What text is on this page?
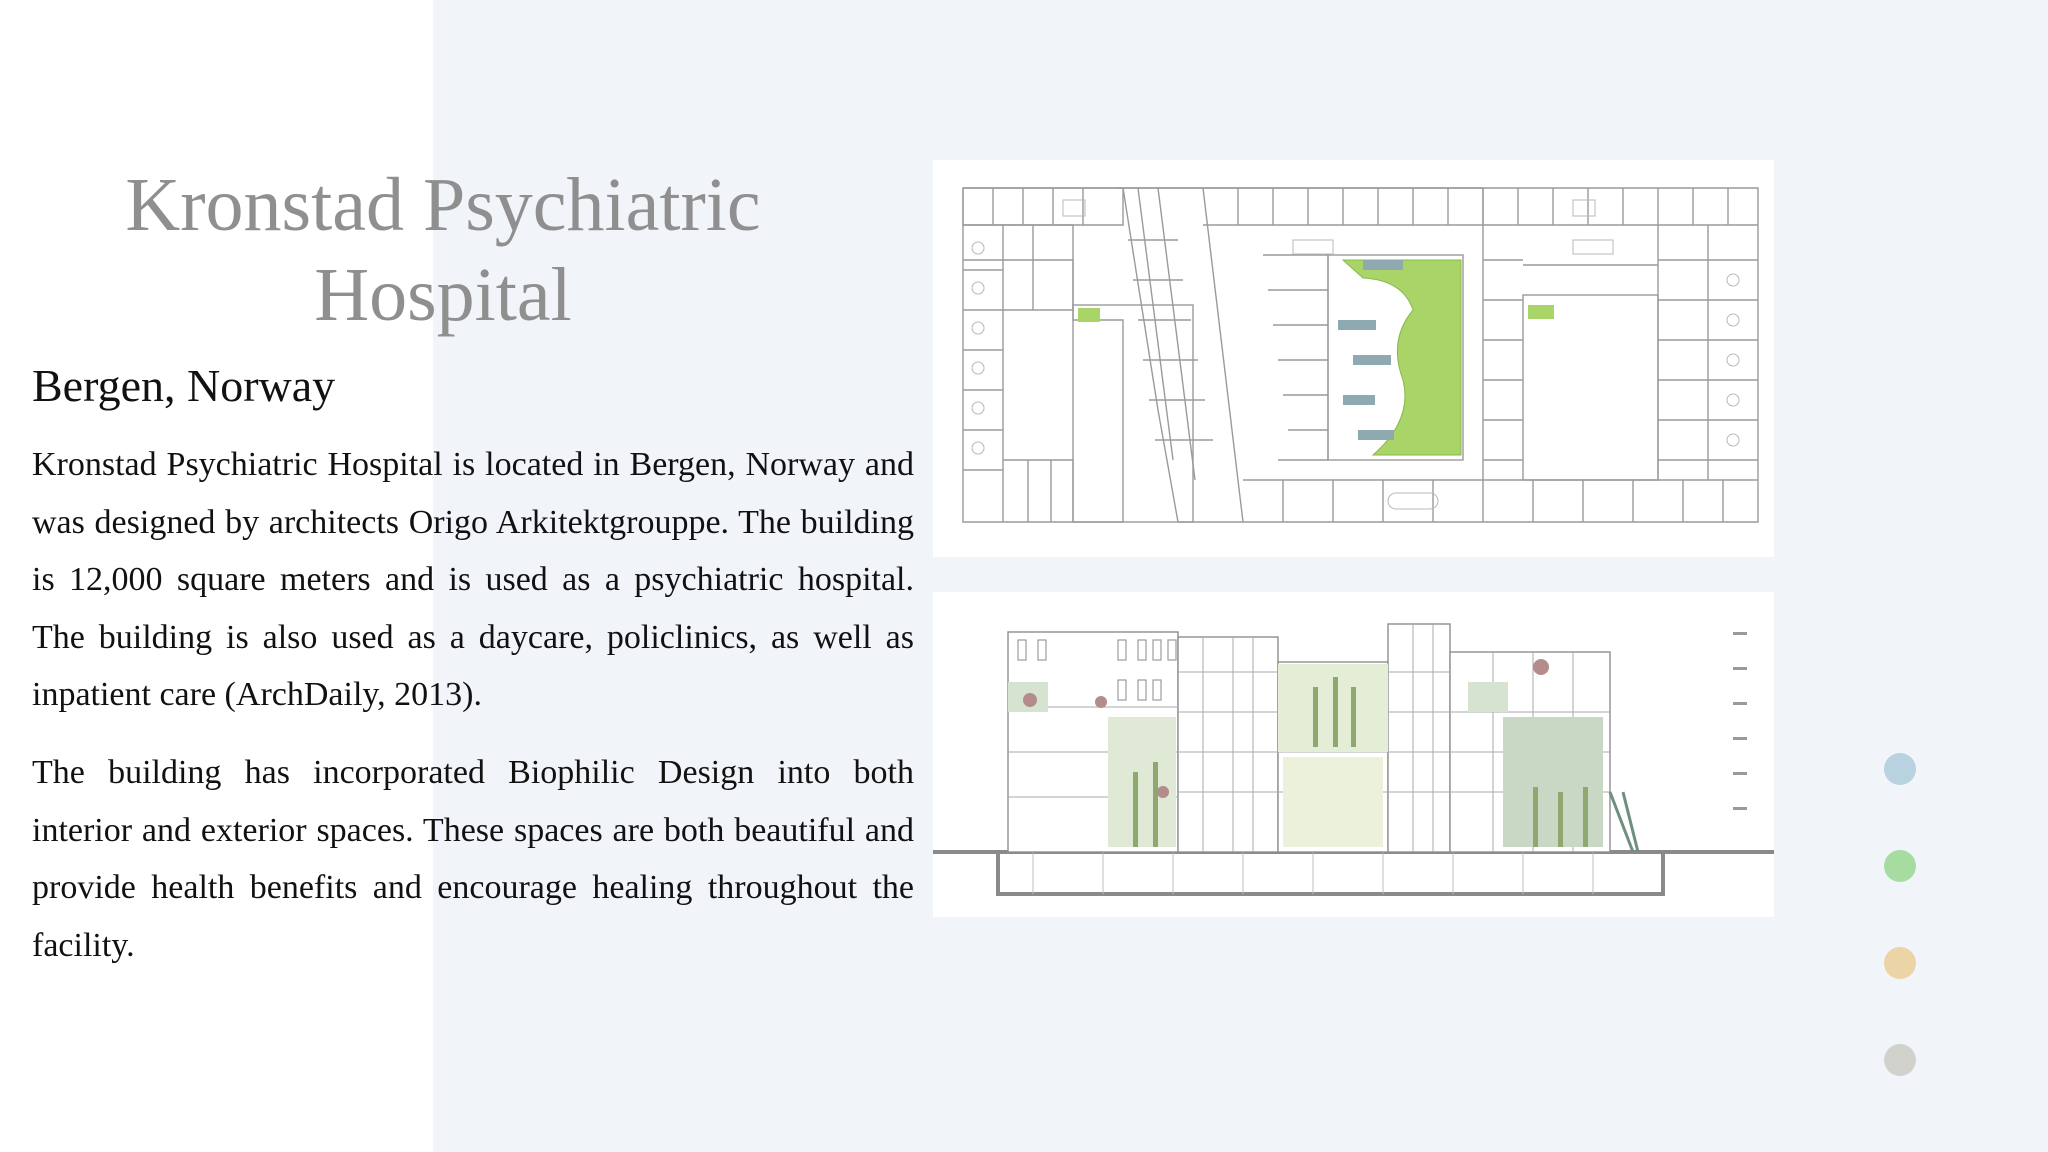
Kronstad Psychiatric
Hospital
Bergen, Norway

Kronstad Psychiatric Hospital is located in Bergen, Norway and was designed by architects Origo Arkitektgrouppe. The building is 12,000 square meters and is used as a psychiatric hospital. The building is also used as a daycare, policlinics, as well as inpatient care (ArchDaily, 2013).

The building has incorporated Biophilic Design into both interior and exterior spaces. These spaces are both beautiful and provide health benefits and encourage healing throughout the facility.
